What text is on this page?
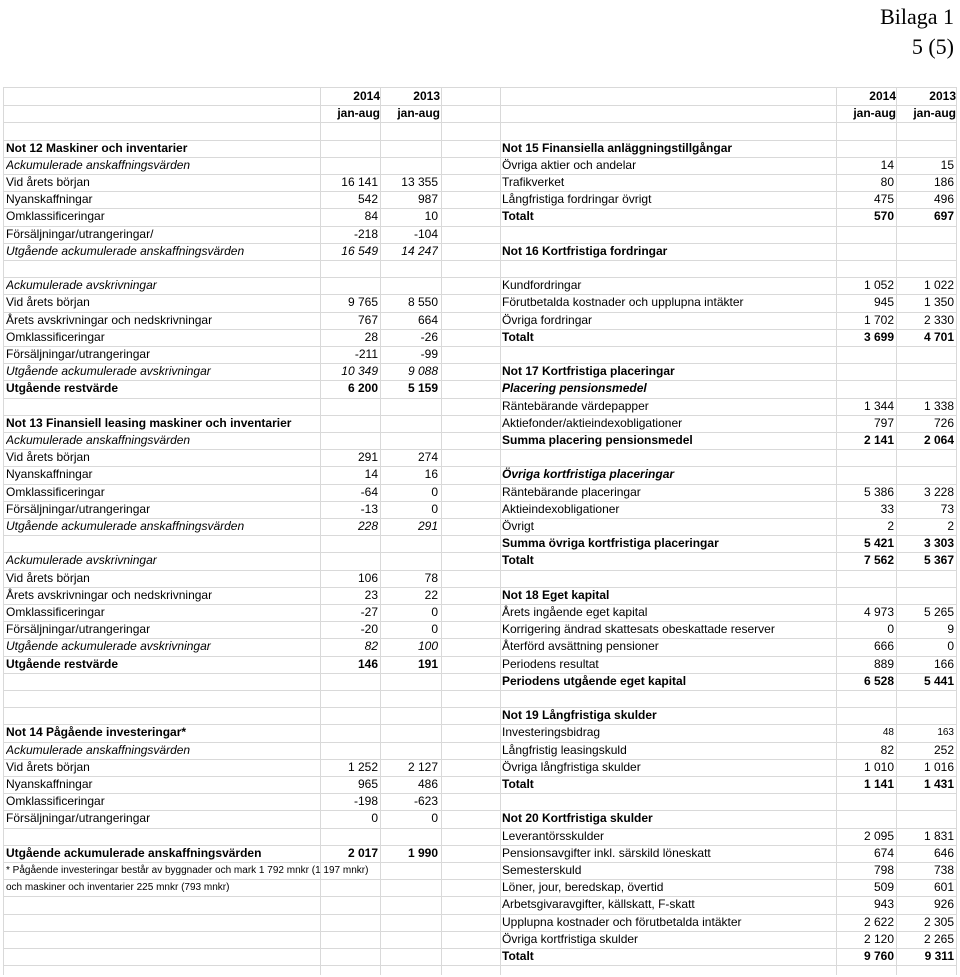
Bilaga 1
5 (5)
2014	2013
jan-aug	jan-aug
2014	2013
jan-aug	jan-aug
Not 12 Maskiner och inventarier
Ackumulerade anskaffningsvärden
Vid årets början	16 141	13 355
Nyanskaffningar	542	987
Omklassificeringar	84	10
Försäljningar/utrangeringar/	-218	-104
Utgående ackumulerade anskaffningsvärden	16 549	14 247
Ackumulerade avskrivningar
Vid årets början	9 765	8 550
Årets avskrivningar och nedskrivningar	767	664
Omklassificeringar	28	-26
Försäljningar/utrangeringar	-211	-99
Utgående ackumulerade avskrivningar	10 349	9 088
Utgående restvärde	6 200	5 159
Not 13 Finansiell leasing maskiner och inventarier
Ackumulerade anskaffningsvärden
Vid årets början	291	274
Nyanskaffningar	14	16
Omklassificeringar	-64	0
Försäljningar/utrangeringar	-13	0
Utgående ackumulerade anskaffningsvärden	228	291
Ackumulerade avskrivningar
Vid årets början	106	78
Årets avskrivningar och nedskrivningar	23	22
Omklassificeringar	-27	0
Försäljningar/utrangeringar	-20	0
Utgående ackumulerade avskrivningar	82	100
Utgående restvärde	146	191
Not 14 Pågående investeringar*
Ackumulerade anskaffningsvärden
Vid årets början	1 252	2 127
Nyanskaffningar	965	486
Omklassificeringar	-198	-623
Försäljningar/utrangeringar	0	0
Utgående ackumulerade anskaffningsvärden	2 017	1 990
* Pågående investeringar består av byggnader och mark 1 792 mnkr (1 197 mnkr)
och maskiner och inventarier 225 mnkr (793 mnkr)
Not 15 Finansiella anläggningstillgångar
Övriga aktier och andelar	14	15
Trafikverket	80	186
Långfristiga fordringar övrigt	475	496
Totalt	570	697
Not 16 Kortfristiga fordringar
Kundfordringar	1 052	1 022
Förutbetalda kostnader och upplupna intäkter	945	1 350
Övriga fordringar	1 702	2 330
Totalt	3 699	4 701
Not 17 Kortfristiga placeringar
Placering pensionsmedel
Räntebärande värdepapper	1 344	1 338
Aktiefonder/aktieindexobligationer	797	726
Summa placering pensionsmedel	2 141	2 064
Övriga kortfristiga placeringar
Räntebärande placeringar	5 386	3 228
Aktieindexobligationer	33	73
Övrigt	2	2
Summa övriga kortfristiga placeringar	5 421	3 303
Totalt	7 562	5 367
Not 18 Eget kapital
Årets ingående eget kapital	4 973	5 265
Korrigering ändrad skattesats obeskattade reserver	0	9
Återförd avsättning pensioner	666	0
Periodens resultat	889	166
Periodens utgående eget kapital	6 528	5 441
Not 19 Långfristiga skulder
Investeringsbidrag	48	163
Långfristig leasingskuld	82	252
Övriga långfristiga skulder	1 010	1 016
Totalt	1 141	1 431
Not 20 Kortfristiga skulder
Leverantörsskulder	2 095	1 831
Pensionsavgifter inkl. särskild löneskatt	674	646
Semesterskuld	798	738
Löner, jour, beredskap, övertid	509	601
Arbetsgivaravgifter, källskatt, F-skatt	943	926
Upplupna kostnader och förutbetalda intäkter	2 622	2 305
Övriga kortfristiga skulder	2 120	2 265
Totalt	9 760	9 311
